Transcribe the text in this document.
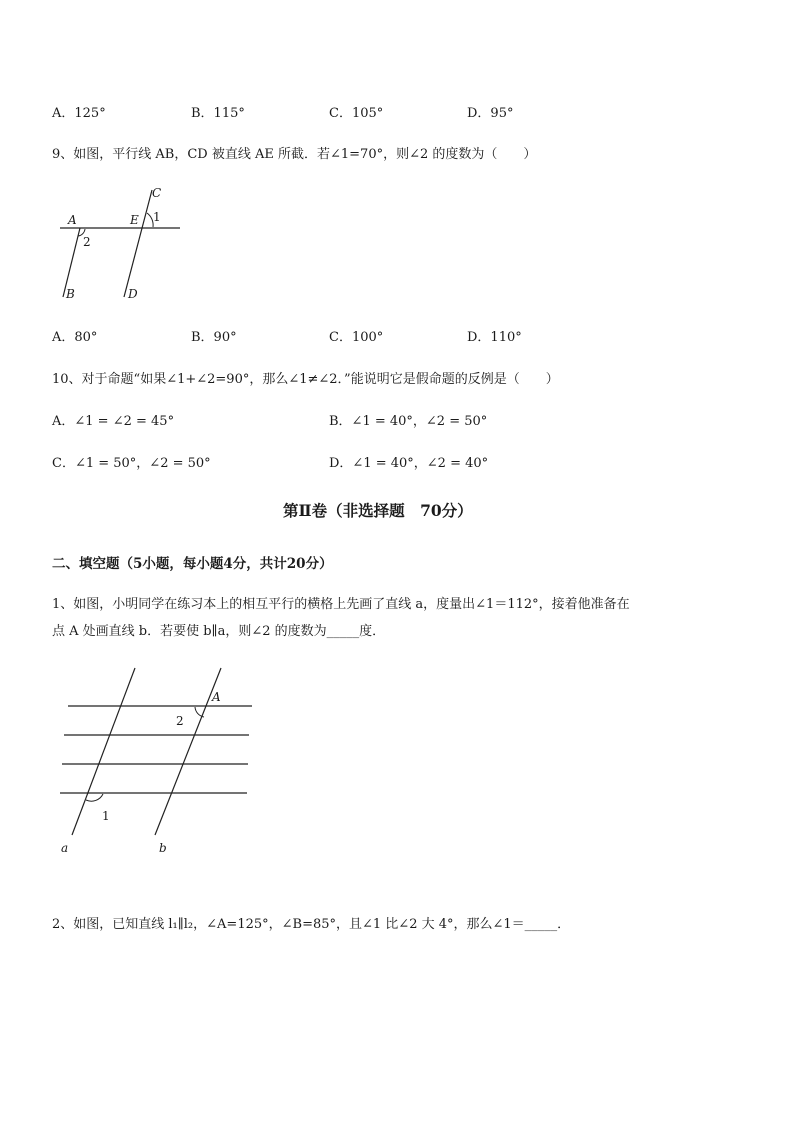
A．125°	B．115°	C．105°	D．95°
9、如图，平行线 AB，CD 被直线 AE 所截．若∠1=70°，则∠2 的度数为（　　）
A	E
C
B	D
1
2
A．80°	B．90°	C．100°	D．110°
10、对于命题“如果∠1+∠2=90°，那么∠1≠∠2．”能说明它是假命题的反例是（　　）
A．∠1 = ∠2 = 45°	B．∠1 = 40°，∠2 = 50°
C．∠1 = 50°，∠2 = 50°	D．∠1 = 40°，∠2 = 40°
第Ⅱ卷（非选择题　70分）
二、填空题（5小题，每小题4分，共计20分）
1、如图，小明同学在练习本上的相互平行的横格上先画了直线 a，度量出∠1＝112°，接着他准备在
点 A 处画直线 b．若要使 b∥a，则∠2 的度数为_____度．
A
2
1
a	b
2、如图，已知直线 l₁∥l₂，∠A=125°，∠B=85°，且∠1 比∠2 大 4°，那么∠1＝_____．
